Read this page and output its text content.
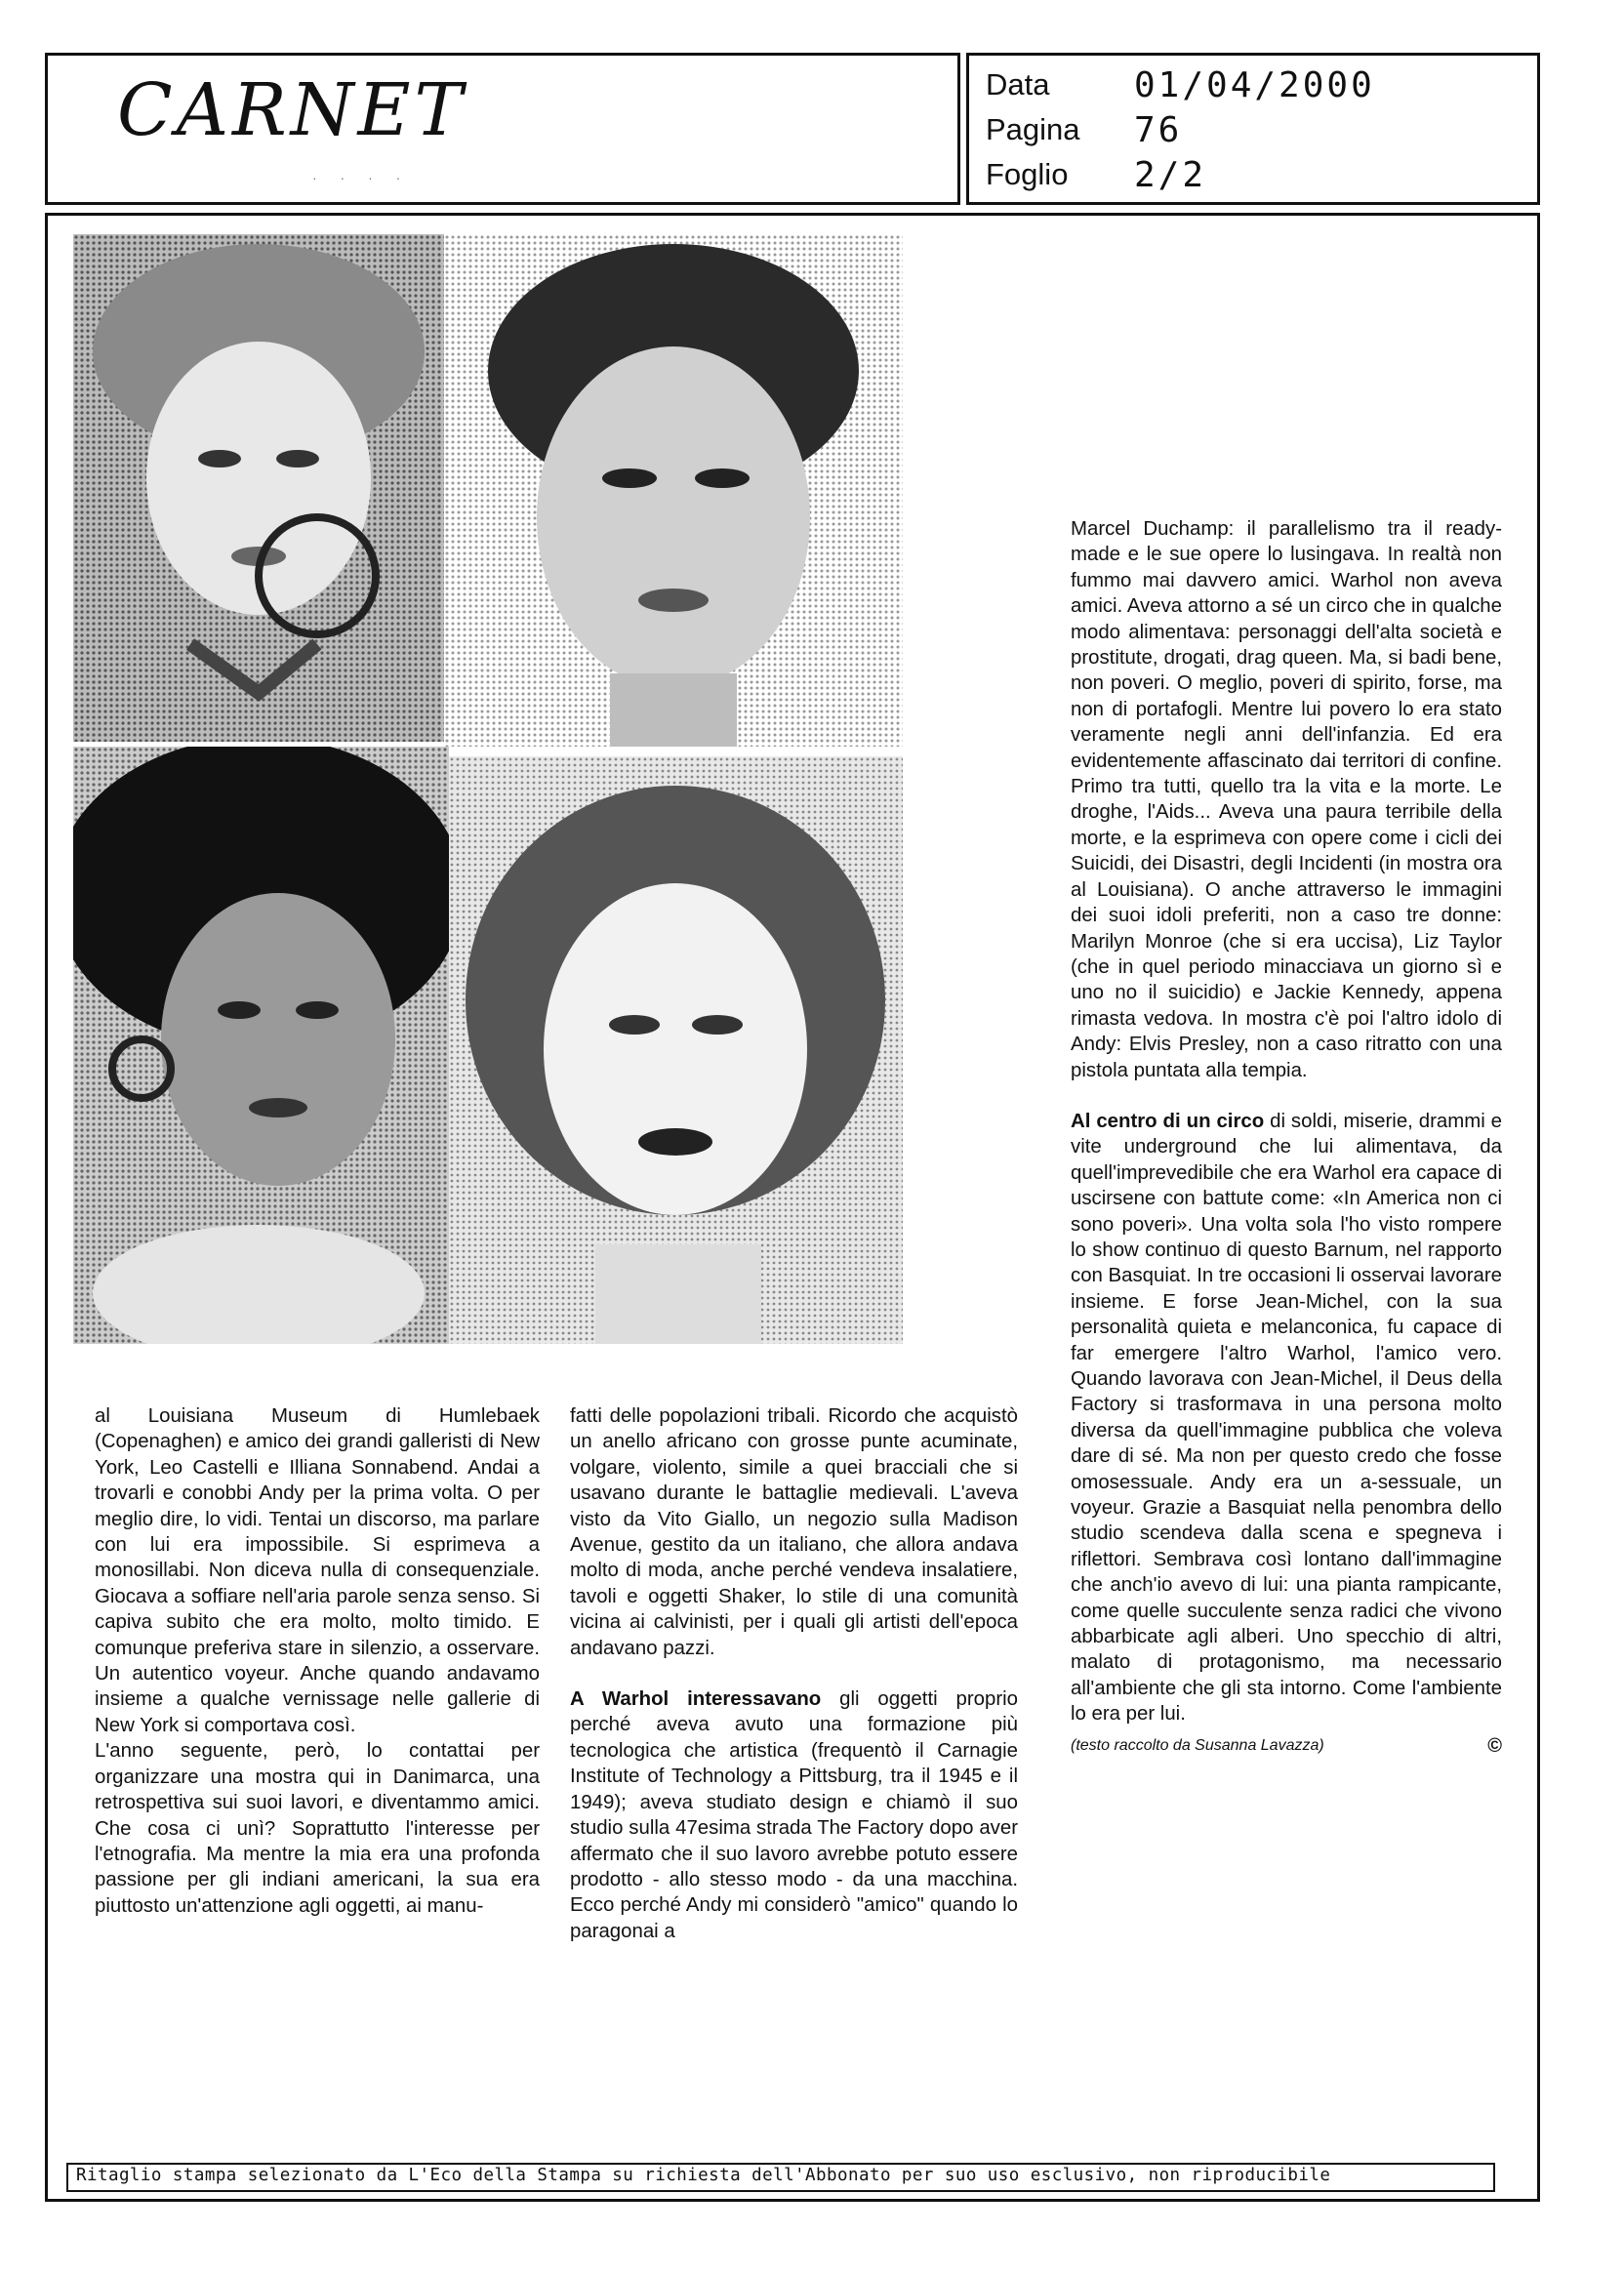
CARNET
· · · ·
Data	01/04/2000
Pagina	76
Foglio	2/2

al Louisiana Museum di Humlebaek (Copenaghen) e amico dei grandi galleristi di New York, Leo Castelli e Illiana Sonnabend. Andai a trovarli e conobbi Andy per la prima volta. O per meglio dire, lo vidi. Tentai un discorso, ma parlare con lui era impossibile. Si esprimeva a monosillabi. Non diceva nulla di consequenziale. Giocava a soffiare nell'aria parole senza senso. Si capiva subito che era molto, molto timido. E comunque preferiva stare in silenzio, a osservare. Un autentico voyeur. Anche quando andavamo insieme a qualche vernissage nelle gallerie di New York si comportava così.

L'anno seguente, però, lo contattai per organizzare una mostra qui in Danimarca, una retrospettiva sui suoi lavori, e diventammo amici. Che cosa ci unì? Soprattutto l'interesse per l'etnografia. Ma mentre la mia era una profonda passione per gli indiani americani, la sua era piuttosto un'attenzione agli oggetti, ai manu-

fatti delle popolazioni tribali. Ricordo che acquistò un anello africano con grosse punte acuminate, volgare, violento, simile a quei bracciali che si usavano durante le battaglie medievali. L'aveva visto da Vito Giallo, un negozio sulla Madison Avenue, gestito da un italiano, che allora andava molto di moda, anche perché vendeva insalatiere, tavoli e oggetti Shaker, lo stile di una comunità vicina ai calvinisti, per i quali gli artisti dell'epoca andavano pazzi.

A Warhol interessavano gli oggetti proprio perché aveva avuto una formazione più tecnologica che artistica (frequentò il Carnagie Institute of Technology a Pittsburg, tra il 1945 e il 1949); aveva studiato design e chiamò il suo studio sulla 47esima strada The Factory dopo aver affermato che il suo lavoro avrebbe potuto essere prodotto - allo stesso modo - da una macchina. Ecco perché Andy mi considerò "amico" quando lo paragonai a

Marcel Duchamp: il parallelismo tra il ready-made e le sue opere lo lusingava. In realtà non fummo mai davvero amici. Warhol non aveva amici. Aveva attorno a sé un circo che in qualche modo alimentava: personaggi dell'alta società e prostitute, drogati, drag queen. Ma, si badi bene, non poveri. O meglio, poveri di spirito, forse, ma non di portafogli. Mentre lui povero lo era stato veramente negli anni dell'infanzia. Ed era evidentemente affascinato dai territori di confine. Primo tra tutti, quello tra la vita e la morte. Le droghe, l'Aids... Aveva una paura terribile della morte, e la esprimeva con opere come i cicli dei Suicidi, dei Disastri, degli Incidenti (in mostra ora al Louisiana). O anche attraverso le immagini dei suoi idoli preferiti, non a caso tre donne: Marilyn Monroe (che si era uccisa), Liz Taylor (che in quel periodo minacciava un giorno sì e uno no il suicidio) e Jackie Kennedy, appena rimasta vedova. In mostra c'è poi l'altro idolo di Andy: Elvis Presley, non a caso ritratto con una pistola puntata alla tempia.

Al centro di un circo di soldi, miserie, drammi e vite underground che lui alimentava, da quell'imprevedibile che era Warhol era capace di uscirsene con battute come: «In America non ci sono poveri». Una volta sola l'ho visto rompere lo show continuo di questo Barnum, nel rapporto con Basquiat. In tre occasioni li osservai lavorare insieme. E forse Jean-Michel, con la sua personalità quieta e melanconica, fu capace di far emergere l'altro Warhol, l'amico vero. Quando lavorava con Jean-Michel, il Deus della Factory si trasformava in una persona molto diversa da quell'immagine pubblica che voleva dare di sé. Ma non per questo credo che fosse omosessuale. Andy era un a-sessuale, un voyeur. Grazie a Basquiat nella penombra dello studio scendeva dalla scena e spegneva i riflettori. Sembrava così lontano dall'immagine che anch'io avevo di lui: una pianta rampicante, come quelle succulente senza radici che vivono abbarbicate agli alberi. Uno specchio di altri, malato di protagonismo, ma necessario all'ambiente che gli sta intorno. Come l'ambiente lo era per lui.

(testo raccolto da Susanna Lavazza)	©
Ritaglio stampa selezionato da L'Eco della Stampa su richiesta dell'Abbonato per suo uso esclusivo, non riproducibile
